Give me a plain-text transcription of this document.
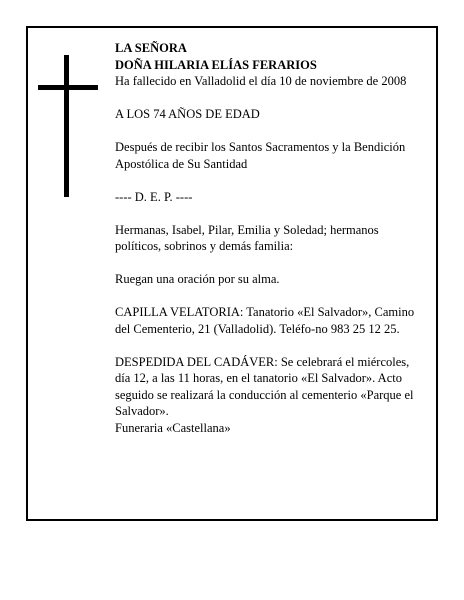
LA SEÑORA

DOÑA HILARIA ELÍAS FERARIOS

Ha fallecido en Valladolid el día 10 de noviembre de 2008

A LOS 74 AÑOS DE EDAD

Después de recibir los Santos Sacramentos y la Bendición Apostólica de Su Santidad

---- D. E. P. ----

Hermanas, Isabel, Pilar, Emilia y Soledad; hermanos políticos, sobrinos y demás familia:

Ruegan una oración por su alma.

CAPILLA VELATORIA: Tanatorio «El Salvador», Camino del Cementerio, 21 (Valladolid). Teléfo-no 983 25 12 25.

DESPEDIDA DEL CADÁVER: Se celebrará el miércoles, día 12, a las 11 horas, en el tanatorio «El Salvador». Acto seguido se realizará la conducción al cementerio «Parque el Salvador».

Funeraria «Castellana»
